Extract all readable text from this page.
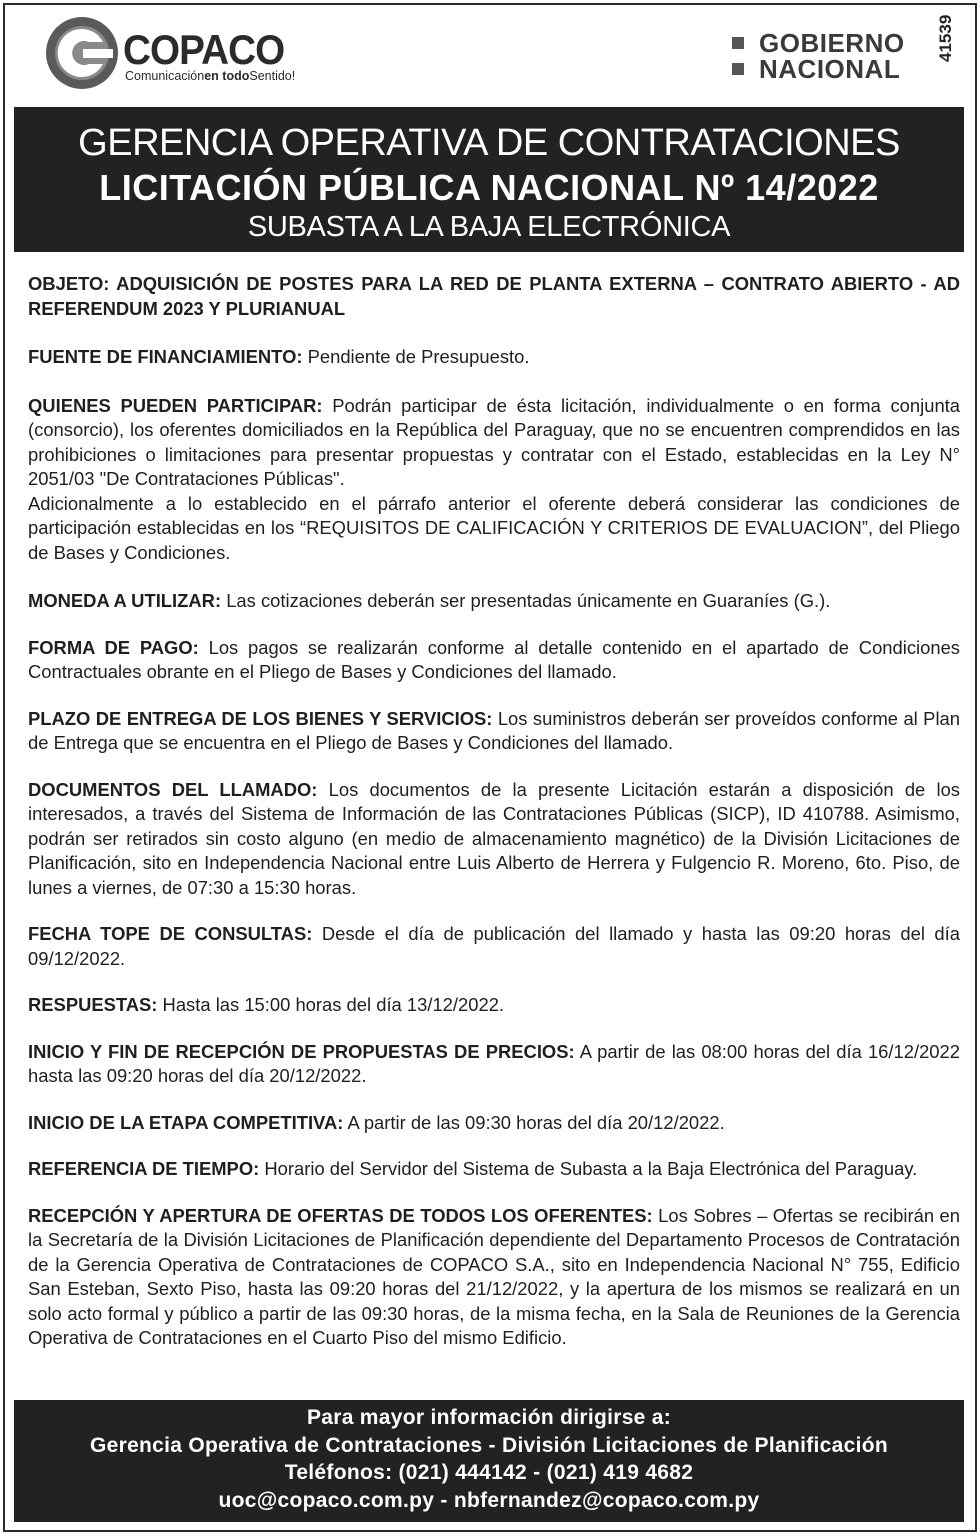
COPACO
Comunicaciónen todoSentido!
GOBIERNO
NACIONAL
41539
GERENCIA OPERATIVA DE CONTRATACIONES
LICITACIÓN PÚBLICA NACIONAL Nº 14/2022
SUBASTA A LA BAJA ELECTRÓNICA

OBJETO: ADQUISICIÓN DE POSTES PARA LA RED DE PLANTA EXTERNA – CONTRATO ABIERTO - AD REFERENDUM 2023 Y PLURIANUAL

FUENTE DE FINANCIAMIENTO: Pendiente de Presupuesto.

QUIENES PUEDEN PARTICIPAR: Podrán participar de ésta licitación, individualmente o en forma conjunta (consorcio), los oferentes domiciliados en la República del Paraguay, que no se encuentren comprendidos en las prohibiciones o limitaciones para presentar propuestas y contratar con el Estado, establecidas en la Ley N° 2051/03 "De Contrataciones Públicas".

Adicionalmente a lo establecido en el párrafo anterior el oferente deberá considerar las condiciones de participación establecidas en los “REQUISITOS DE CALIFICACIÓN Y CRITERIOS DE EVALUACION”, del Pliego de Bases y Condiciones.

MONEDA A UTILIZAR: Las cotizaciones deberán ser presentadas únicamente en Guaraníes (G.).

FORMA DE PAGO: Los pagos se realizarán conforme al detalle contenido en el apartado de Condiciones Contractuales obrante en el Pliego de Bases y Condiciones del llamado.

PLAZO DE ENTREGA DE LOS BIENES Y SERVICIOS: Los suministros deberán ser proveídos conforme al Plan de Entrega que se encuentra en el Pliego de Bases y Condiciones del llamado.

DOCUMENTOS DEL LLAMADO: Los documentos de la presente Licitación estarán a disposición de los interesados, a través del Sistema de Información de las Contrataciones Públicas (SICP), ID 410788. Asimismo, podrán ser retirados sin costo alguno (en medio de almacenamiento magnético) de la División Licitaciones de Planificación, sito en Independencia Nacional entre Luis Alberto de Herrera y Fulgencio R. Moreno, 6to. Piso, de lunes a viernes, de 07:30 a 15:30 horas.

FECHA TOPE DE CONSULTAS: Desde el día de publicación del llamado y hasta las 09:20 horas del día 09/12/2022.

RESPUESTAS: Hasta las 15:00 horas del día 13/12/2022.

INICIO Y FIN DE RECEPCIÓN DE PROPUESTAS DE PRECIOS: A partir de las 08:00 horas del día 16/12/2022 hasta las 09:20 horas del día 20/12/2022.

INICIO DE LA ETAPA COMPETITIVA: A partir de las 09:30 horas del día 20/12/2022.

REFERENCIA DE TIEMPO: Horario del Servidor del Sistema de Subasta a la Baja Electrónica del Paraguay.

RECEPCIÓN Y APERTURA DE OFERTAS DE TODOS LOS OFERENTES: Los Sobres – Ofertas se recibirán en la Secretaría de la División Licitaciones de Planificación dependiente del Departamento Procesos de Contratación de la Gerencia Operativa de Contrataciones de COPACO S.A., sito en Independencia Nacional N° 755, Edificio San Esteban, Sexto Piso, hasta las 09:20 horas del 21/12/2022, y la apertura de los mismos se realizará en un solo acto formal y público a partir de las 09:30 horas, de la misma fecha, en la Sala de Reuniones de la Gerencia Operativa de Contrataciones en el Cuarto Piso del mismo Edificio.

Para mayor información dirigirse a:
Gerencia Operativa de Contrataciones - División Licitaciones de Planificación
Teléfonos: (021) 444142 - (021) 419 4682
uoc@copaco.com.py - nbfernandez@copaco.com.py
